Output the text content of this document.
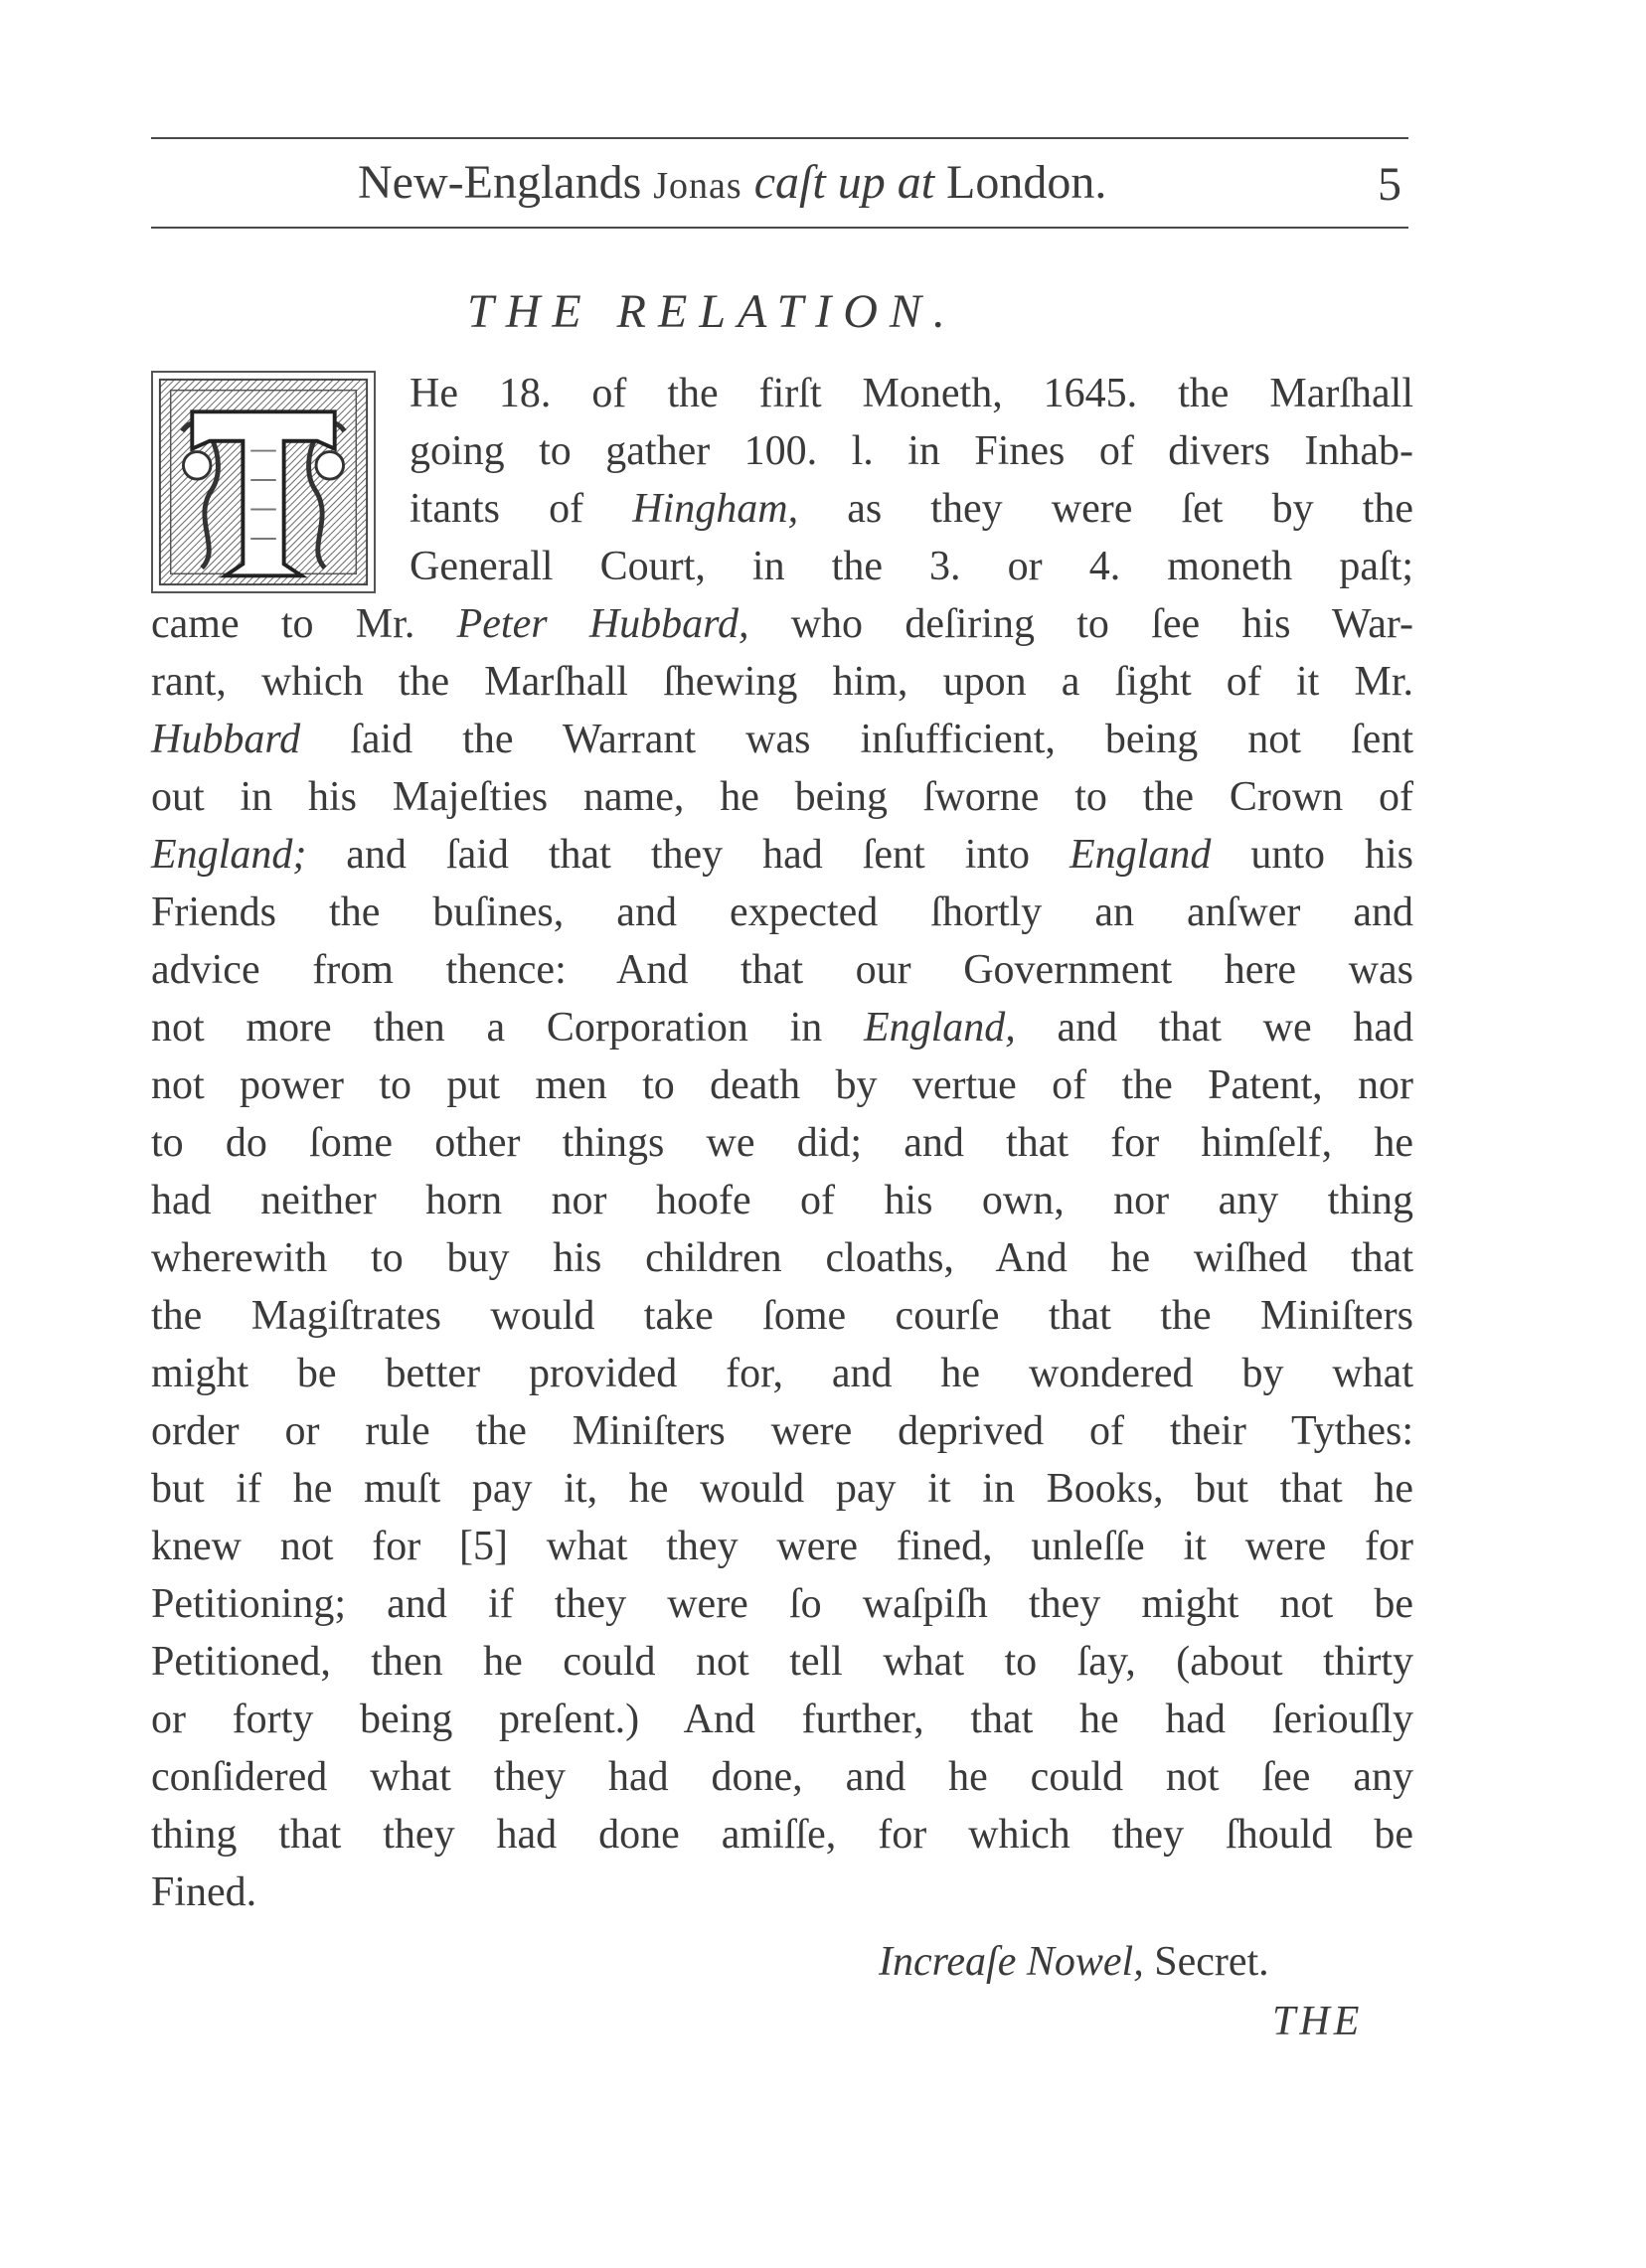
New-Englands Jonas caſt up at London.	5
THE RELATION.
He 18. of the firſt Moneth, 1645. the Marſhall
going to gather 100. l. in Fines of divers Inhab-
itants of Hingham, as they were ſet by the
Generall Court, in the 3. or 4. moneth paſt;
came to Mr. Peter Hubbard, who deſiring to ſee his War-
rant, which the Marſhall ſhewing him, upon a ſight of it Mr.
Hubbard ſaid the Warrant was inſufficient, being not ſent
out in his Majeſties name, he being ſworne to the Crown of
England; and ſaid that they had ſent into England unto his
Friends the buſines, and expected ſhortly an anſwer and
advice from thence: And that our Government here was
not more then a Corporation in England, and that we had
not power to put men to death by vertue of the Patent, nor
to do ſome other things we did; and that for himſelf, he
had neither horn nor hoofe of his own, nor any thing
wherewith to buy his children cloaths, And he wiſhed that
the Magiſtrates would take ſome courſe that the Miniſters
might be better provided for, and he wondered by what
order or rule the Miniſters were deprived of their Tythes:
but if he muſt pay it, he would pay it in Books, but that he
knew not for [5] what they were fined, unleſſe it were for
Petitioning; and if they were ſo waſpiſh they might not be
Petitioned, then he could not tell what to ſay, (about thirty
or forty being preſent.) And further, that he had ſeriouſly
conſidered what they had done, and he could not ſee any
thing that they had done amiſſe, for which they ſhould be
Fined.
Increaſe Nowel, Secret.
THE
